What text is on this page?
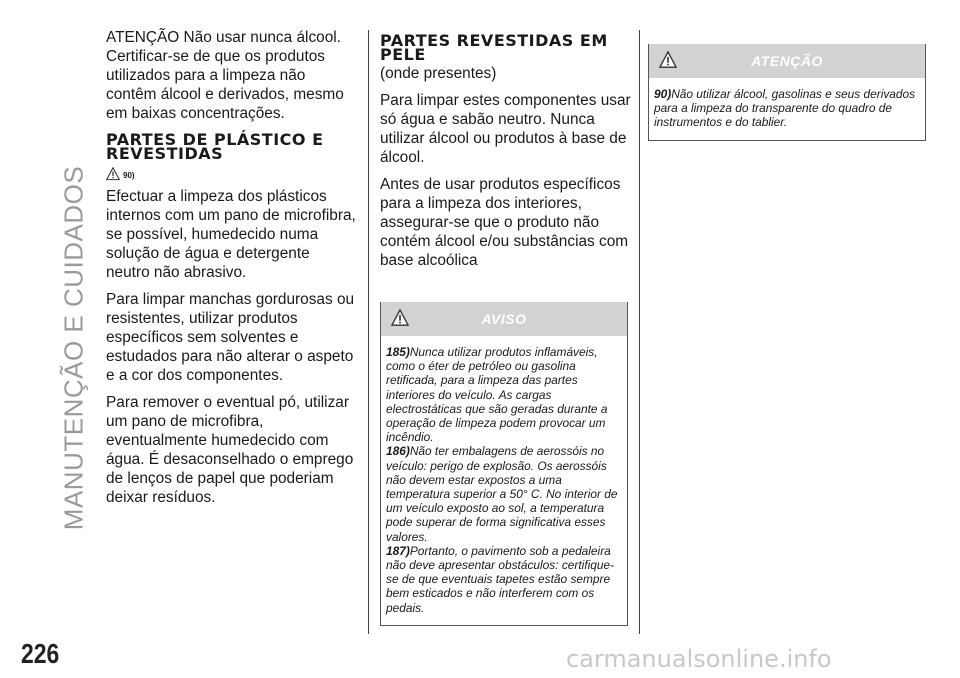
MANUTENÇÃO E CUIDADOS

ATENÇÃO Não usar nunca álcool. Certificar-se de que os produtos utilizados para a limpeza não contêm álcool e derivados, mesmo em baixas concentrações.

PARTES DE PLÁSTICO E REVESTIDAS
90)

Efectuar a limpeza dos plásticos internos com um pano de microfibra, se possível, humedecido numa solução de água e detergente neutro não abrasivo.

Para limpar manchas gordurosas ou resistentes, utilizar produtos específicos sem solventes e estudados para não alterar o aspeto e a cor dos componentes.

Para remover o eventual pó, utilizar um pano de microfibra, eventualmente humedecido com água. É desaconselhado o emprego de lenços de papel que poderiam deixar resíduos.

PARTES REVESTIDAS EM PELE

(onde presentes)

Para limpar estes componentes usar só água e sabão neutro. Nunca utilizar álcool ou produtos à base de álcool.

Antes de usar produtos específicos para a limpeza dos interiores, assegurar-se que o produto não contém álcool e/ou substâncias com base alcoólica

AVISO

185)Nunca utilizar produtos inflamáveis, como o éter de petróleo ou gasolina retificada, para a limpeza das partes interiores do veículo. As cargas electrostáticas que são geradas durante a operação de limpeza podem provocar um incêndio.

186)Não ter embalagens de aerossóis no veículo: perigo de explosão. Os aerossóis não devem estar expostos a uma temperatura superior a 50° C. No interior de um veículo exposto ao sol, a temperatura pode superar de forma significativa esses valores.

187)Portanto, o pavimento sob a pedaleira não deve apresentar obstáculos: certifique-se de que eventuais tapetes estão sempre bem esticados e não interferem com os pedais.

ATENÇÃO

90)Não utilizar álcool, gasolinas e seus derivados para a limpeza do transparente do quadro de instrumentos e do tablier.

226	carmanualsonline.info
